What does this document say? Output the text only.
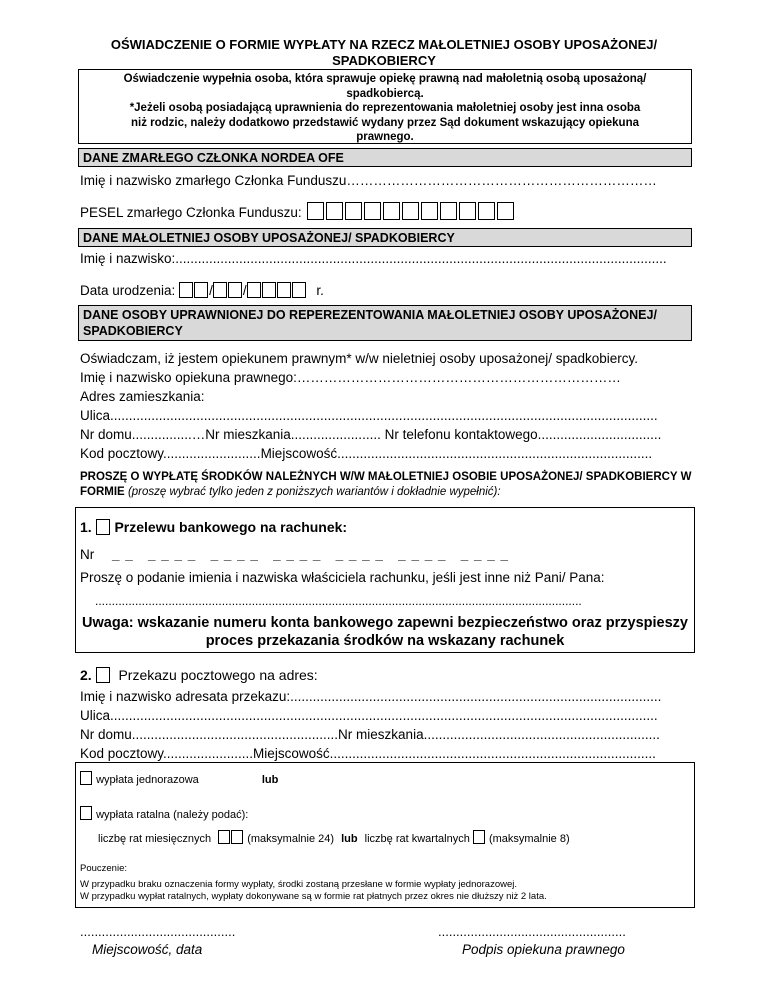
OŚWIADCZENIE O FORMIE WYPŁATY NA RZECZ MAŁOLETNIEJ OSOBY UPOSAŻONEJ/ SPADKOBIERCY
Oświadczenie wypełnia osoba, która sprawuje opiekę prawną nad małoletnią osobą uposażoną/ spadkobiercą.
*Jeżeli osobą posiadającą uprawnienia do reprezentowania małoletniej osoby jest inna osoba niż rodzic, należy dodatkowo przedstawić wydany przez Sąd dokument wskazujący opiekuna prawnego.
DANE ZMARŁEGO CZŁONKA NORDEA OFE
Imię i nazwisko zmarłego Członka Funduszu……………………………………………………………
PESEL zmarłego Członka Funduszu:
DANE MAŁOLETNIEJ OSOBY UPOSAŻONEJ/ SPADKOBIERCY
Imię i nazwisko:...................................................................................................................................
Data urodzenia:	/ /	r.
DANE OSOBY UPRAWNIONEJ DO REPEREZENTOWANIA MAŁOLETNIEJ OSOBY UPOSAŻONEJ/ SPADKOBIERCY
Oświadczam, iż jestem opiekunem prawnym* w/w nieletniej osoby uposażonej/ spadkobiercy.
Imię i nazwisko opiekuna prawnego:………………………………………………………………
Adres zamieszkania:
Ulica..................................................................................................................................................
Nr domu................…Nr mieszkania........................ Nr telefonu kontaktowego.................................
Kod pocztowy..........................Miejscowość....................................................................................
PROSZĘ O WYPŁATĘ ŚRODKÓW NALEŻNYCH W/W MAŁOLETNIEJ OSOBIE UPOSAŻONEJ/ SPADKOBIERCY W FORMIE (proszę wybrać tylko jeden z poniższych wariantów i dokładnie wypełnić):
1. Przelewu bankowego na rachunek:
Nr _ _   _ _ _ _   _ _ _ _   _ _ _ _   _ _ _ _   _ _ _ _   _ _ _ _
Proszę o podanie imienia i nazwiska właściciela rachunku, jeśli jest inne niż Pani/ Pana:
..................................................................................................................................................
Uwaga: wskazanie numeru konta bankowego zapewni bezpieczeństwo oraz przyspieszy proces przekazania środków na wskazany rachunek
2. Przekazu pocztowego na adres:
Imię i nazwisko adresata przekazu:...................................................................................................
Ulica..................................................................................................................................................
Nr domu.......................................................Nr mieszkania...............................................................
Kod pocztowy........................Miejscowość.......................................................................................
wypłata jednorazowa	lub
wypłata ratalna (należy podać):
liczbę rat miesięcznych	(maksymalnie 24) lub liczbę rat kwartalnych (maksymalnie 8)
Pouczenie:
W przypadku braku oznaczenia formy wypłaty, środki zostaną przesłane w formie wypłaty jednorazowej.
W przypadku wypłat ratalnych, wypłaty dokonywane są w formie rat płatnych przez okres nie dłuższy niż 2 lata.
...........................................
Miejscowość, data
....................................................
Podpis opiekuna prawnego
